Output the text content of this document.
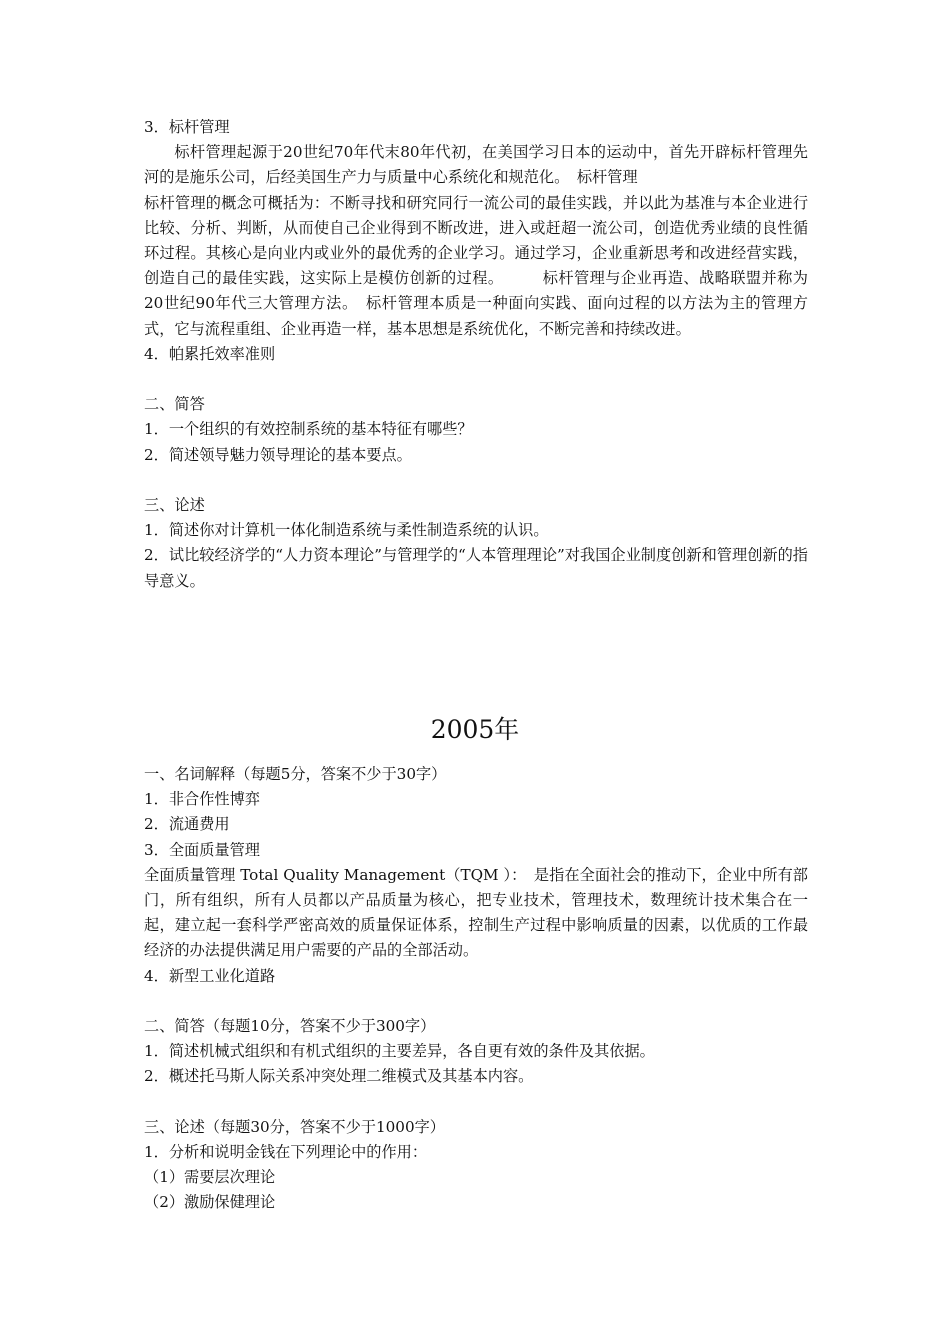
3．标杆管理

标杆管理起源于20世纪70年代末80年代初，在美国学习日本的运动中，首先开辟标杆管理先河的是施乐公司，后经美国生产力与质量中心系统化和规范化。　标杆管理

标杆管理的概念可概括为：不断寻找和研究同行一流公司的最佳实践，并以此为基准与本企业进行比较、分析、判断，从而使自己企业得到不断改进，进入或赶超一流公司，创造优秀业绩的良性循环过程。其核心是向业内或业外的最优秀的企业学习。通过学习，企业重新思考和改进经营实践，创造自己的最佳实践，这实际上是模仿创新的过程。　　　标杆管理与企业再造、战略联盟并称为20世纪90年代三大管理方法。　标杆管理本质是一种面向实践、面向过程的以方法为主的管理方式，它与流程重组、企业再造一样，基本思想是系统优化，不断完善和持续改进。

4．帕累托效率准则

二、简答

1．一个组织的有效控制系统的基本特征有哪些？

2．简述领导魅力领导理论的基本要点。

三、论述

1．简述你对计算机一体化制造系统与柔性制造系统的认识。

2．试比较经济学的“人力资本理论”与管理学的“人本管理理论”对我国企业制度创新和管理创新的指导意义。

2005年

一、名词解释（每题5分，答案不少于30字）

1．非合作性博弈

2．流通费用

3．全面质量管理

全面质量管理 Total Quality Management（TQM ）：　是指在全面社会的推动下，企业中所有部门，所有组织，所有人员都以产品质量为核心，把专业技术，管理技术，数理统计技术集合在一起，建立起一套科学严密高效的质量保证体系，控制生产过程中影响质量的因素，以优质的工作最经济的办法提供满足用户需要的产品的全部活动。

4．新型工业化道路

二、简答（每题10分，答案不少于300字）

1．简述机械式组织和有机式组织的主要差异，各自更有效的条件及其依据。

2．概述托马斯人际关系冲突处理二维模式及其基本内容。

三、论述（每题30分，答案不少于1000字）

1．分析和说明金钱在下列理论中的作用：

（1）需要层次理论

（2）激励保健理论
